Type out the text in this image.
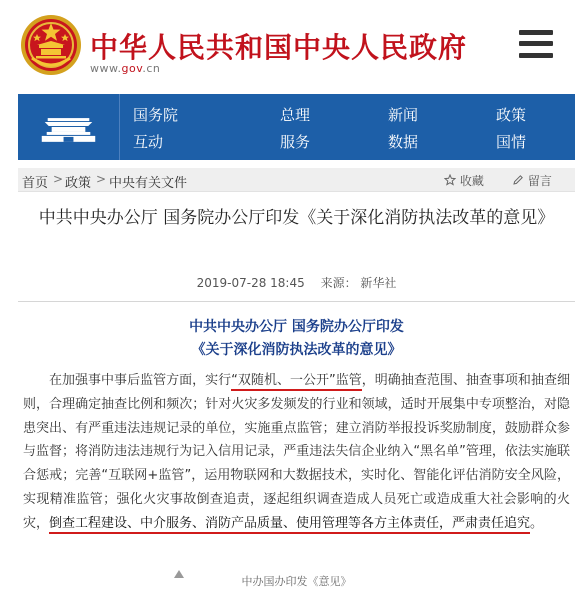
中华人民共和国中央人民政府
www.gov.cn
国务院
互动
总理
服务
新闻
数据
政策
国情
首页 > 政策 > 中央有关文件	收藏	留言
中共中央办公厅 国务院办公厅印发《关于深化消防执法改革的意见》
2019-07-28 18:45 来源： 新华社
中共中央办公厅 国务院办公厅印发
《关于深化消防执法改革的意见》

在加强事中事后监管方面，实行“双随机、一公开”监管，明确抽查范围、抽查事项和抽查细则，合理确定抽查比例和频次；针对火灾多发频发的行业和领域，适时开展集中专项整治，对隐患突出、有严重违法违规记录的单位，实施重点监管；建立消防举报投诉奖励制度，鼓励群众参与监督；将消防违法违规行为记入信用记录，严重违法失信企业纳入“黑名单”管理，依法实施联合惩戒；完善“互联网+监管”，运用物联网和大数据技术，实时化、智能化评估消防安全风险，实现精准监管；强化火灾事故倒查追责，逐起组织调查造成人员死亡或造成重大社会影响的火灾，倒查工程建设、中介服务、消防产品质量、使用管理等各方主体责任，严肃责任追究。

中办国办印发《意见》
